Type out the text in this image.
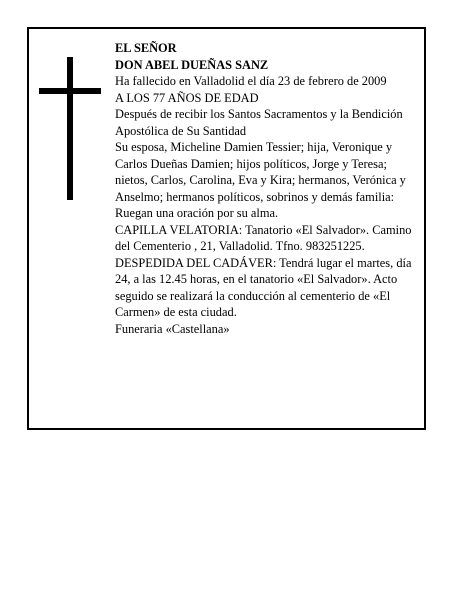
EL SEÑOR

DON ABEL DUEÑAS SANZ

Ha fallecido en Valladolid el día 23 de febrero de 2009

A LOS 77 AÑOS DE EDAD

Después de recibir los Santos Sacramentos y la Bendición Apostólica de Su Santidad

Su esposa, Micheline Damien Tessier; hija, Veronique y Carlos Dueñas Damien; hijos políticos, Jorge y Teresa; nietos, Carlos, Carolina, Eva y Kira; hermanos, Verónica y Anselmo; hermanos políticos, sobrinos y demás familia:

Ruegan una oración por su alma.

CAPILLA VELATORIA: Tanatorio «El Salvador». Camino del Cementerio , 21, Valladolid. Tfno. 983251225.

DESPEDIDA DEL CADÁVER: Tendrá lugar el martes, día 24, a las 12.45 horas, en el tanatorio «El Salvador». Acto seguido se realizará la conducción al cementerio de «El Carmen» de esta ciudad.

Funeraria «Castellana»
